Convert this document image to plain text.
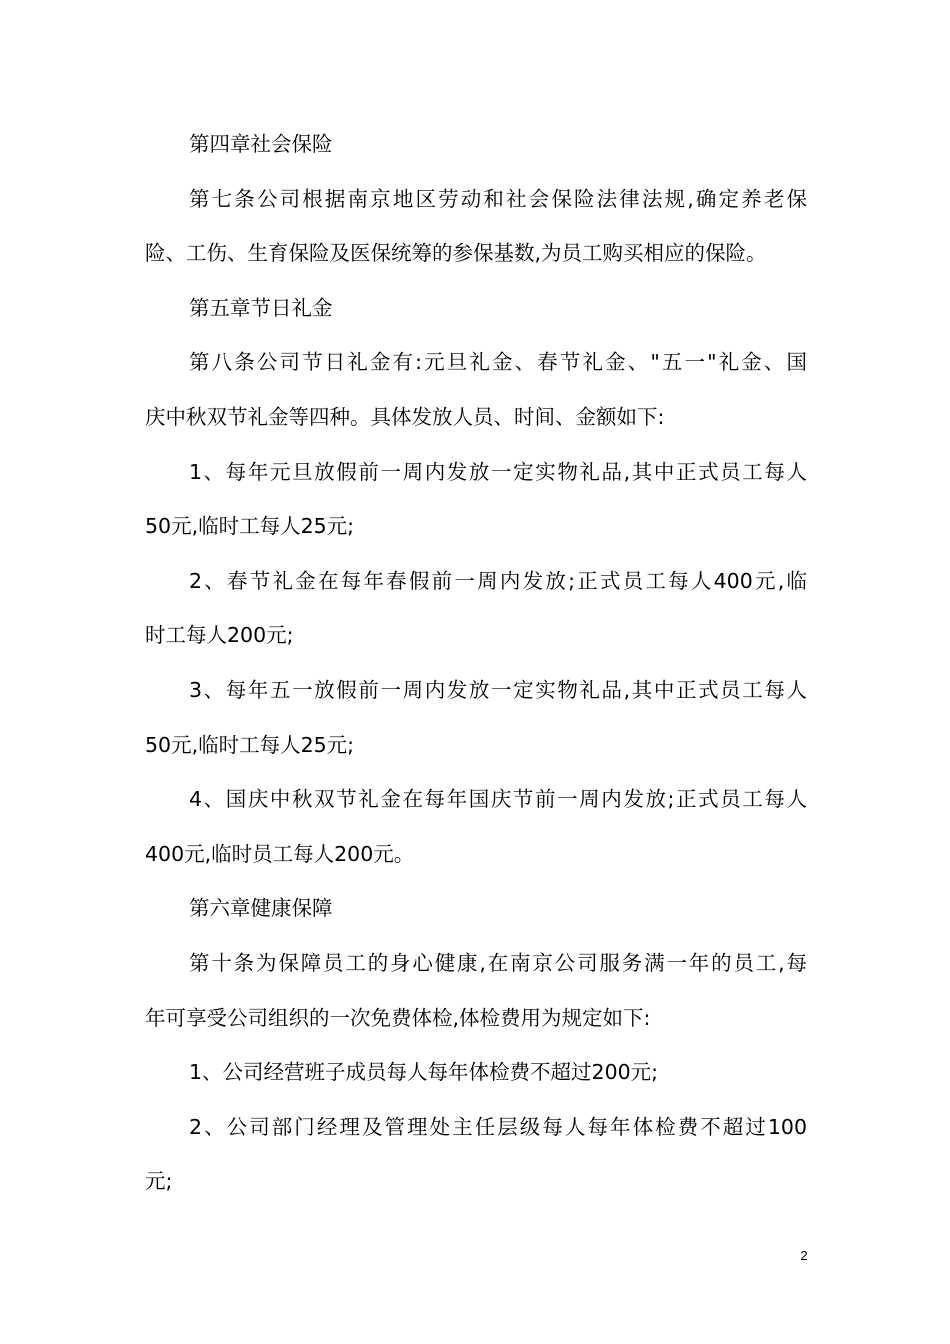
第四章社会保险
第七条公司根据南京地区劳动和社会保险法律法规,确定养老保
险、工伤、生育保险及医保统筹的参保基数,为员工购买相应的保险。
第五章节日礼金
第八条公司节日礼金有:元旦礼金、春节礼金、"五一"礼金、国
庆中秋双节礼金等四种。具体发放人员、时间、金额如下:
1、每年元旦放假前一周内发放一定实物礼品,其中正式员工每人
50元,临时工每人25元;
2、春节礼金在每年春假前一周内发放;正式员工每人400元,临
时工每人200元;
3、每年五一放假前一周内发放一定实物礼品,其中正式员工每人
50元,临时工每人25元;
4、国庆中秋双节礼金在每年国庆节前一周内发放;正式员工每人
400元,临时员工每人200元。
第六章健康保障
第十条为保障员工的身心健康,在南京公司服务满一年的员工,每
年可享受公司组织的一次免费体检,体检费用为规定如下:
1、公司经营班子成员每人每年体检费不超过200元;
2、公司部门经理及管理处主任层级每人每年体检费不超过100
元;
2
